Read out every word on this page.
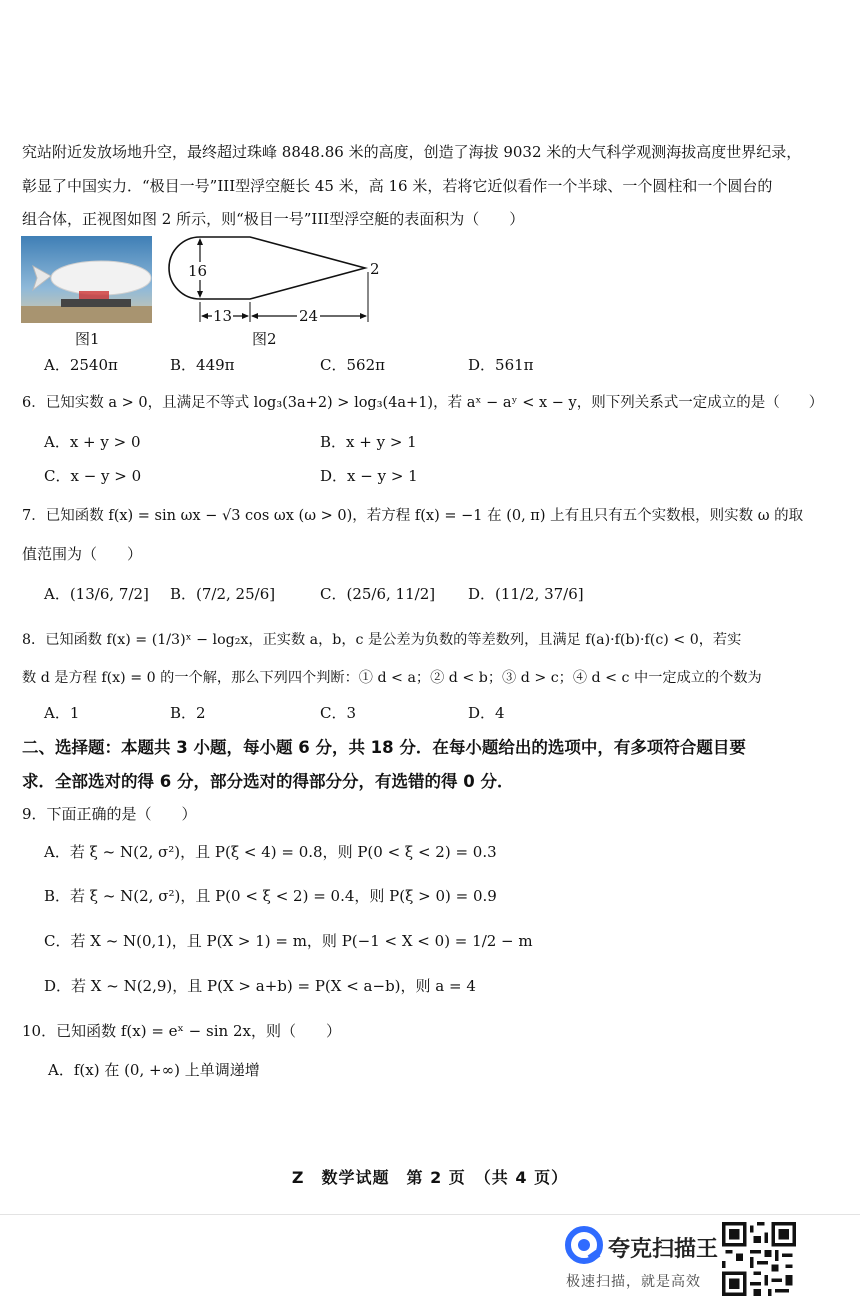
究站附近发放场地升空，最终超过珠峰 8848.86 米的高度，创造了海拔 9032 米的大气科学观测海拔高度世界纪录，
彰显了中国实力．“极目一号”III型浮空艇长 45 米，高 16 米，若将它近似看作一个半球、一个圆柱和一个圆台的
组合体，正视图如图 2 所示，则“极目一号”III型浮空艇的表面积为（　　）
16	2
13	24
图1	图2
A．2540π	B．449π	C．562π	D．561π
6．已知实数 a > 0，且满足不等式 log₃(3a+2) > log₃(4a+1)，若 aˣ − aʸ < x − y，则下列关系式一定成立的是（　　）
A．x + y > 0	B．x + y > 1
C．x − y > 0	D．x − y > 1
7．已知函数 f(x) = sin ωx − √3 cos ωx (ω > 0)，若方程 f(x) = −1 在 (0, π) 上有且只有五个实数根，则实数 ω 的取
值范围为（　　）
A．(13/6, 7/2] B．(7/2, 25/6]	C．(25/6, 11/2] D．(11/2, 37/6]
8．已知函数 f(x) = (1/3)ˣ − log₂x，正实数 a，b，c 是公差为负数的等差数列，且满足 f(a)·f(b)·f(c) < 0，若实
数 d 是方程 f(x) = 0 的一个解，那么下列四个判断：① d < a；② d < b；③ d > c；④ d < c 中一定成立的个数为
A．1	B．2	C．3	D．4
二、选择题：本题共 3 小题，每小题 6 分，共 18 分．在每小题给出的选项中，有多项符合题目要
求．全部选对的得 6 分，部分选对的得部分分，有选错的得 0 分．
9．下面正确的是（　　）
A．若 ξ ~ N(2, σ²)，且 P(ξ < 4) = 0.8，则 P(0 < ξ < 2) = 0.3
B．若 ξ ~ N(2, σ²)，且 P(0 < ξ < 2) = 0.4，则 P(ξ > 0) = 0.9
C．若 X ~ N(0,1)，且 P(X > 1) = m，则 P(−1 < X < 0) = 1/2 − m
D．若 X ~ N(2,9)，且 P(X > a+b) = P(X < a−b)，则 a = 4
10．已知函数 f(x) = eˣ − sin 2x，则（　　）
A．f(x) 在 (0, +∞) 上单调递增
Z　数学试题　第 2 页　（共 4 页）
夸克扫描王
极速扫描，就是高效
